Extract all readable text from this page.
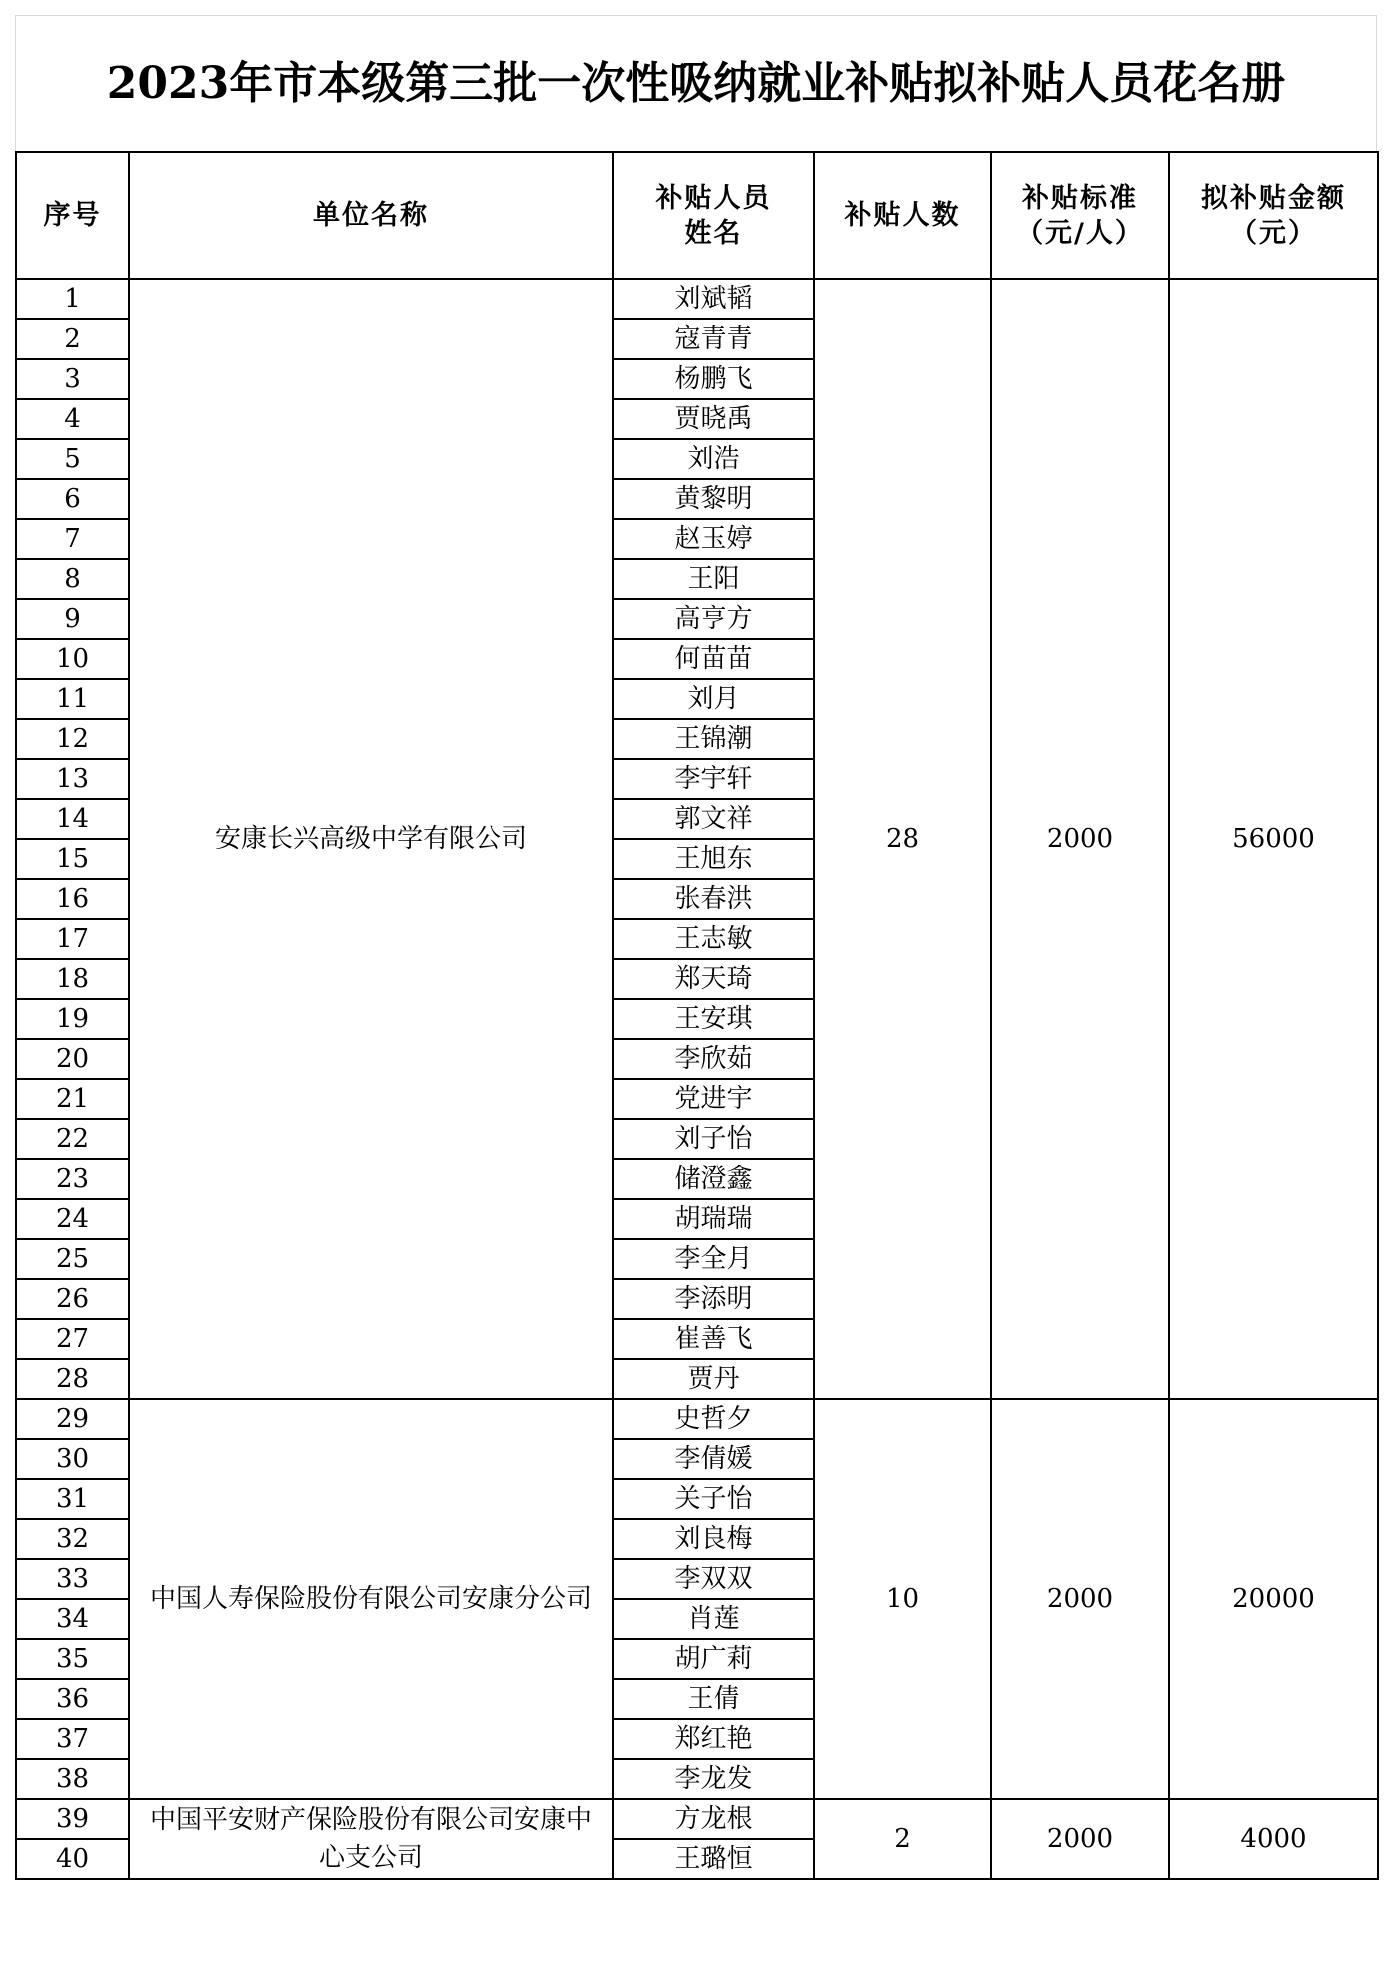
2023年市本级第三批一次性吸纳就业补贴拟补贴人员花名册
序号	单位名称	补贴人员姓名	补贴人数	补贴标准（元/人）	拟补贴金额（元）
1	安康长兴高级中学有限公司	刘斌韬	28	2000	56000
2		寇青青			
3		杨鹏飞			
4		贾晓禹			
5		刘浩			
6		黄黎明			
7		赵玉婷			
8		王阳			
9		高亨方			
10		何苗苗			
11		刘月			
12		王锦潮			
13		李宇轩			
14		郭文祥			
15		王旭东			
16		张春洪			
17		王志敏			
18		郑天琦			
19		王安琪			
20		李欣茹			
21		党进宇			
22		刘子怡			
23		储澄鑫			
24		胡瑞瑞			
25		李全月			
26		李添明			
27		崔善飞			
28		贾丹			
29	中国人寿保险股份有限公司安康分公司	史哲夕	10	2000	20000
30		李倩媛			
31		关子怡			
32		刘良梅			
33		李双双			
34		肖莲			
35		胡广莉			
36		王倩			
37		郑红艳			
38		李龙发			
39	中国平安财产保险股份有限公司安康中心支公司	方龙根	2	2000	4000
40		王璐恒			
